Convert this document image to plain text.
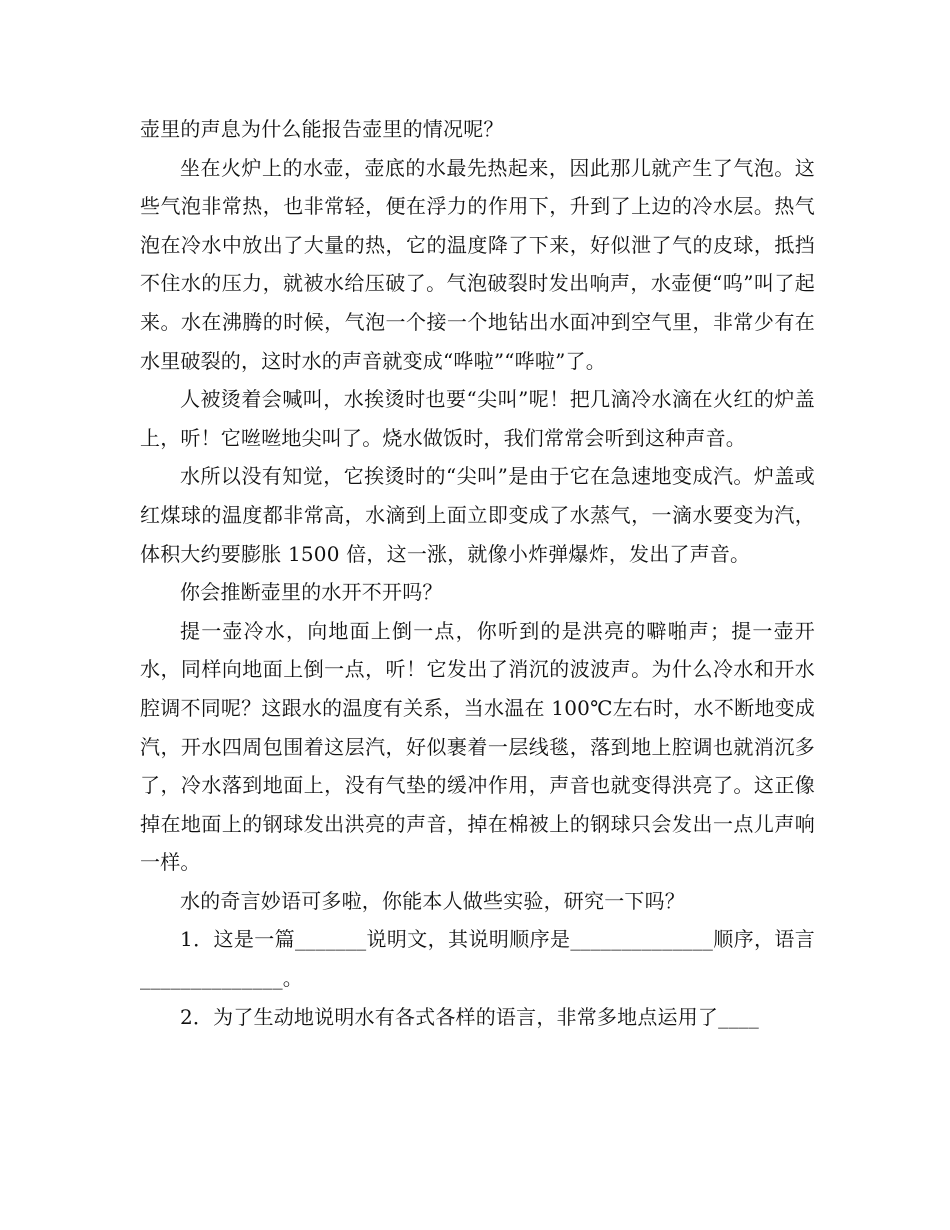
壶里的声息为什么能报告壶里的情况呢？

坐在火炉上的水壶，壶底的水最先热起来，因此那儿就产生了气泡。这些气泡非常热，也非常轻，便在浮力的作用下，升到了上边的冷水层。热气泡在冷水中放出了大量的热，它的温度降了下来，好似泄了气的皮球，抵挡不住水的压力，就被水给压破了。气泡破裂时发出响声，水壶便“呜”叫了起来。水在沸腾的时候，气泡一个接一个地钻出水面冲到空气里，非常少有在水里破裂的，这时水的声音就变成“哗啦”“哗啦”了。

人被烫着会喊叫，水挨烫时也要“尖叫”呢！把几滴冷水滴在火红的炉盖上，听！它咝咝地尖叫了。烧水做饭时，我们常常会听到这种声音。

水所以没有知觉，它挨烫时的“尖叫”是由于它在急速地变成汽。炉盖或红煤球的温度都非常高，水滴到上面立即变成了水蒸气，一滴水要变为汽，体积大约要膨胀 1500 倍，这一涨，就像小炸弹爆炸，发出了声音。

你会推断壶里的水开不开吗？

提一壶冷水，向地面上倒一点，你听到的是洪亮的噼啪声；提一壶开水，同样向地面上倒一点，听！它发出了消沉的波波声。为什么冷水和开水腔调不同呢？这跟水的温度有关系，当水温在 100℃左右时，水不断地变成汽，开水四周包围着这层汽，好似裹着一层线毯，落到地上腔调也就消沉多了，冷水落到地面上，没有气垫的缓冲作用，声音也就变得洪亮了。这正像掉在地面上的钢球发出洪亮的声音，掉在棉被上的钢球只会发出一点儿声响一样。

水的奇言妙语可多啦，你能本人做些实验，研究一下吗？

1．这是一篇_______说明文，其说明顺序是______________顺序，语言______________。

2．为了生动地说明水有各式各样的语言，非常多地点运用了____
